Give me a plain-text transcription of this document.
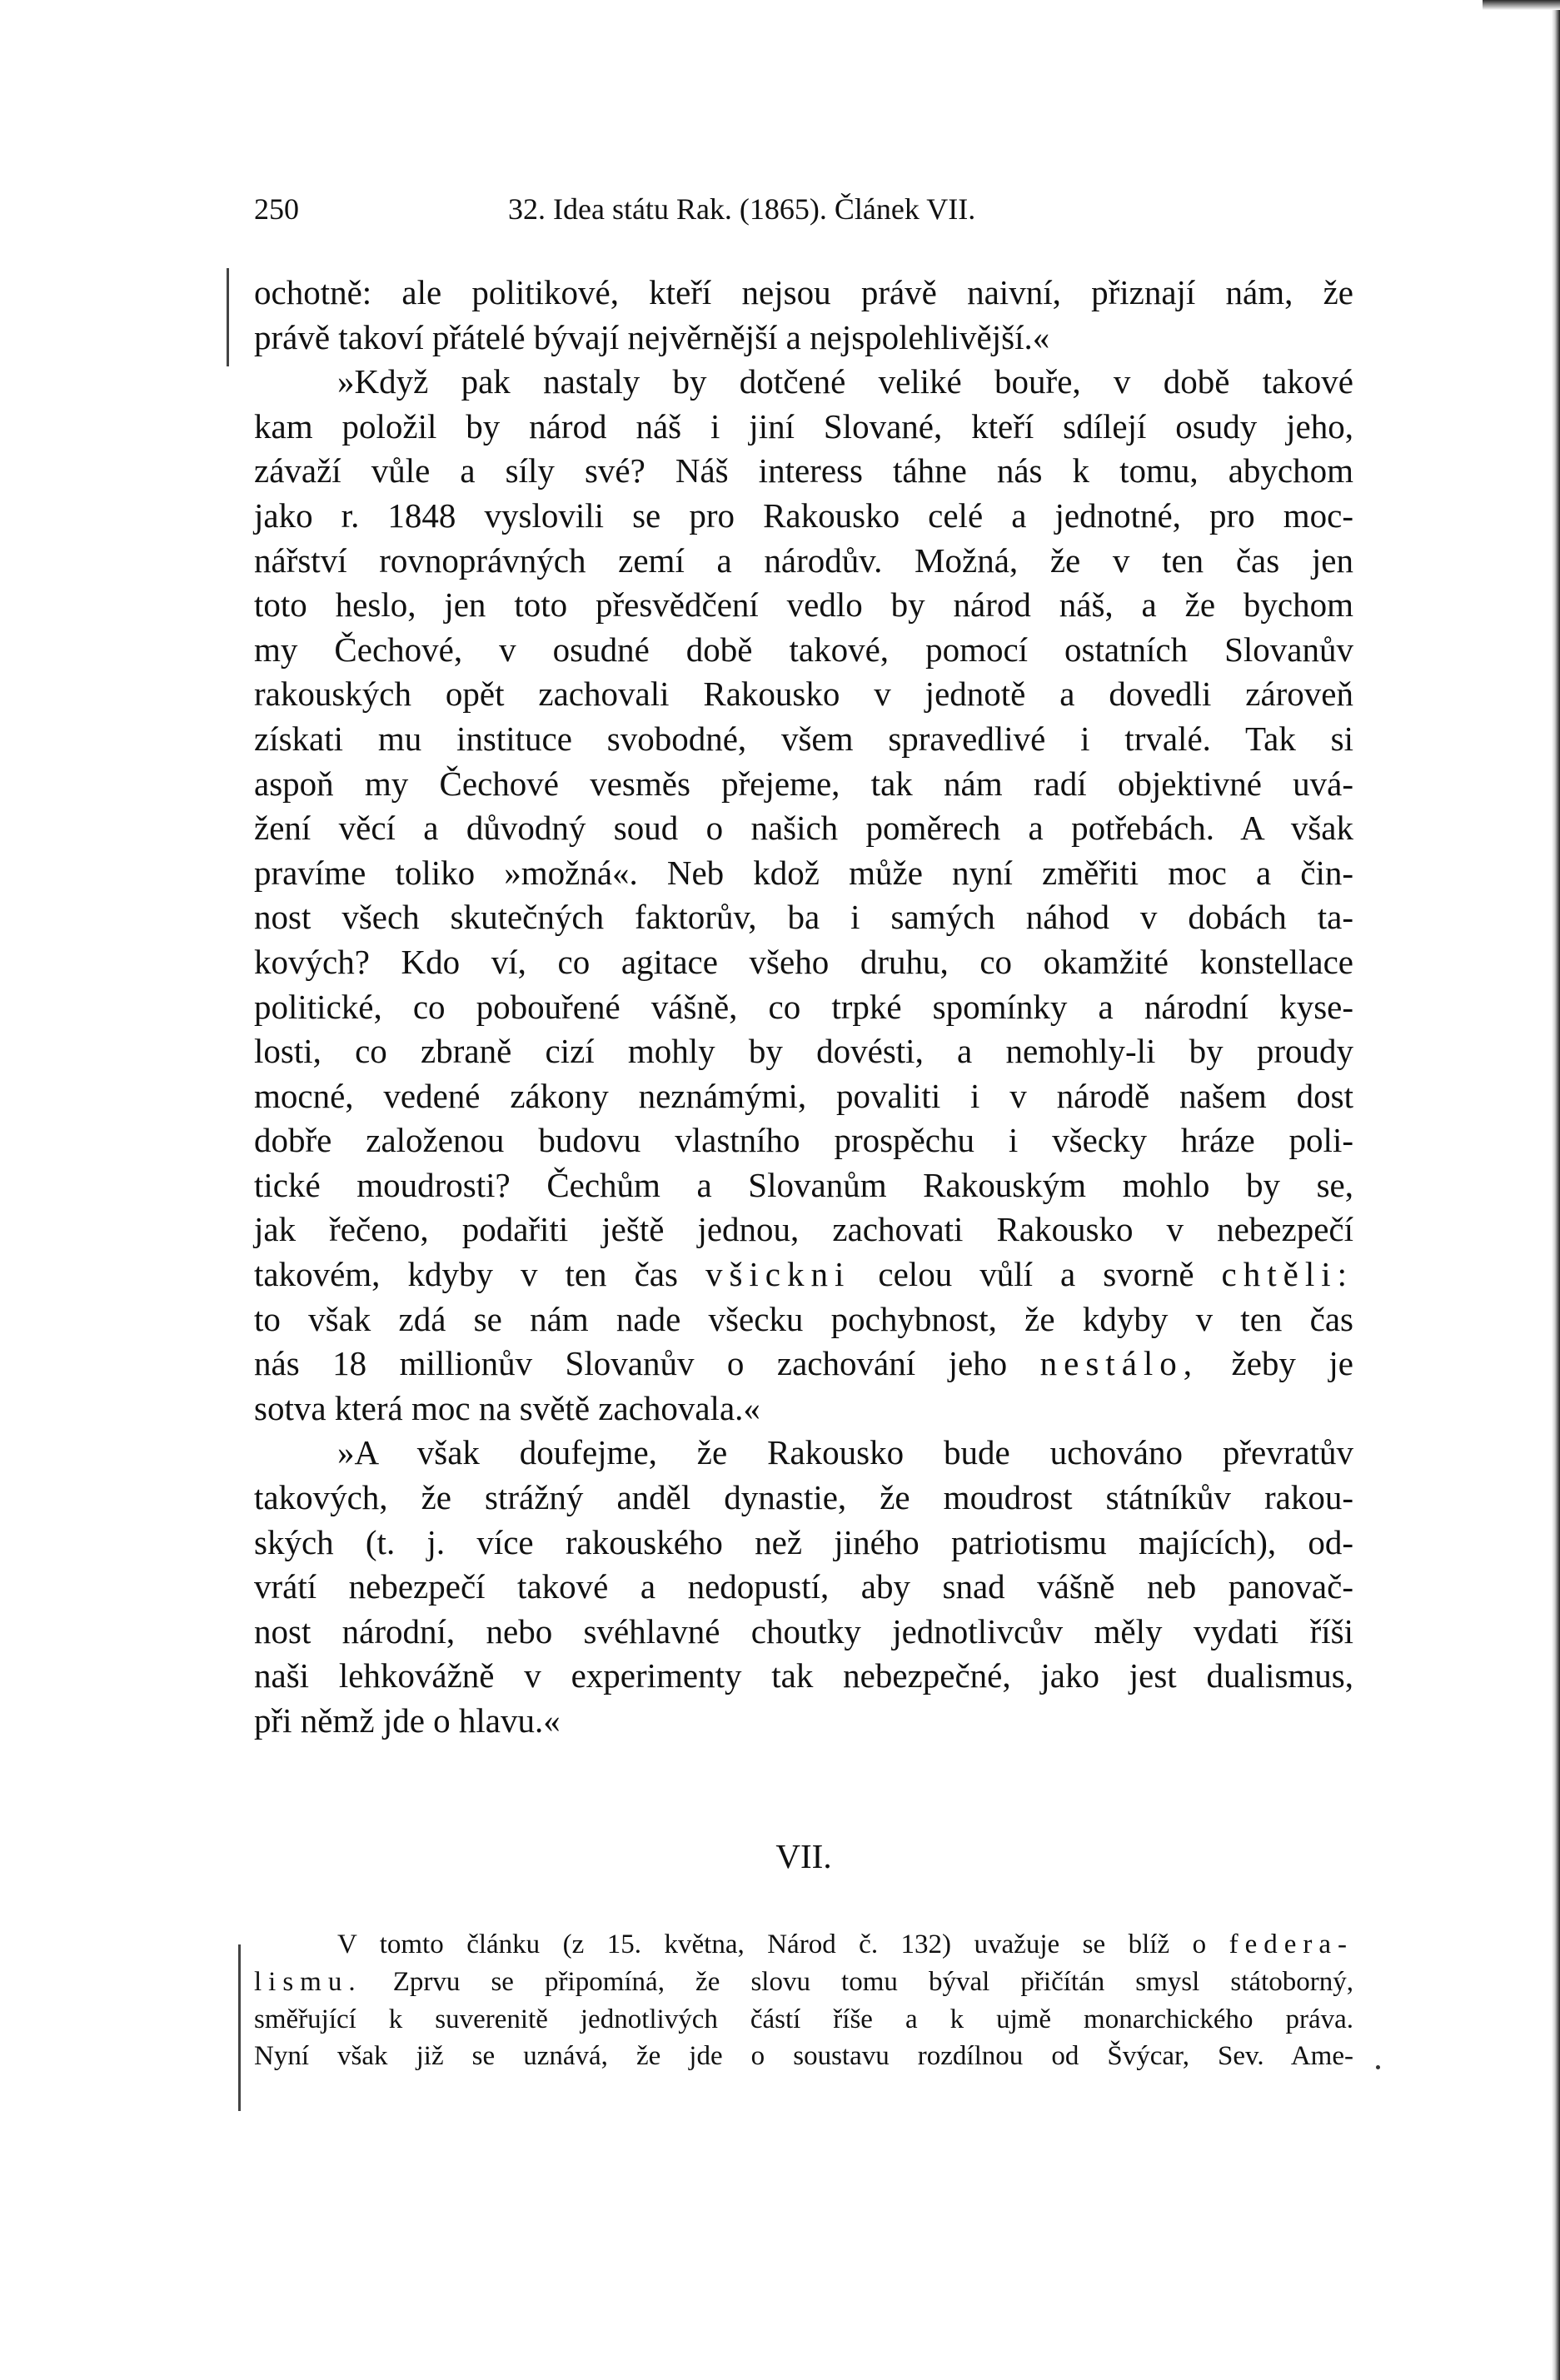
250	32. Idea státu Rak. (1865). Článek VII.
ochotně: ale politikové, kteří nejsou právě naivní, přiznají nám, že
právě takoví přátelé bývají nejvěrnější a nejspolehlivější.«
»Když pak nastaly by dotčené veliké bouře, v době takové
kam položil by národ náš i jiní Slované, kteří sdílejí osudy jeho,
závaží vůle a síly své? Náš interess táhne nás k tomu, abychom
jako r. 1848 vyslovili se pro Rakousko celé a jednotné, pro moc-
nářství rovnoprávných zemí a národův. Možná, že v ten čas jen
toto heslo, jen toto přesvědčení vedlo by národ náš, a že bychom
my Čechové, v osudné době takové, pomocí ostatních Slovanův
rakouských opět zachovali Rakousko v jednotě a dovedli zároveň
získati mu instituce svobodné, všem spravedlivé i trvalé. Tak si
aspoň my Čechové vesměs přejeme, tak nám radí objektivné uvá-
žení věcí a důvodný soud o našich poměrech a potřebách. A však
pravíme toliko »možná«. Neb kdož může nyní změřiti moc a čin-
nost všech skutečných faktorův, ba i samých náhod v dobách ta-
kových? Kdo ví, co agitace všeho druhu, co okamžité konstellace
politické, co pobouřené vášně, co trpké spomínky a národní kyse-
losti, co zbraně cizí mohly by dovésti, a nemohly-li by proudy
mocné, vedené zákony neznámými, povaliti i v národě našem dost
dobře založenou budovu vlastního prospěchu i všecky hráze poli-
tické moudrosti? Čechům a Slovanům Rakouským mohlo by se,
jak řečeno, podařiti ještě jednou, zachovati Rakousko v nebezpečí
takovém, kdyby v ten čas všickni celou vůlí a svorně chtěli:
to však zdá se nám nade všecku pochybnost, že kdyby v ten čas
nás 18 millionův Slovanův o zachování jeho nestálo, žeby je
sotva která moc na světě zachovala.«
»A však doufejme, že Rakousko bude uchováno převratův
takových, že strážný anděl dynastie, že moudrost státníkův rakou-
ských (t. j. více rakouského než jiného patriotismu majících), od-
vrátí nebezpečí takové a nedopustí, aby snad vášně neb panovač-
nost národní, nebo svéhlavné choutky jednotlivcův měly vydati říši
naši lehkovážně v experimenty tak nebezpečné, jako jest dualismus,
při němž jde o hlavu.«
VII.
V tomto článku (z 15. května, Národ č. 132) uvažuje se blíž o federa-
lismu. Zprvu se připomíná, že slovu tomu býval přičítán smysl státoborný,
směřující k suverenitě jednotlivých částí říše a k ujmě monarchického práva.
Nyní však již se uznává, že jde o soustavu rozdílnou od Švýcar, Sev. Ame-
